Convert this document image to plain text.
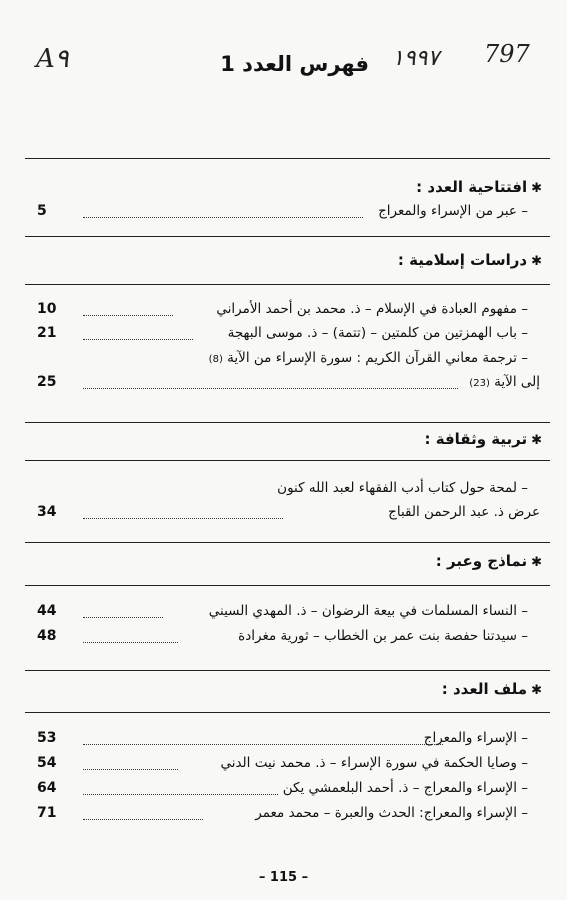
A٩	١٩٩٧ 797
فهرس العدد 1
✱افتتاحية العدد :
– عبر من الإسراء والمعراج
5
✱دراسات إسلامية :
– مفهوم العبادة في الإسلام – ذ. محمد بن أحمد الأمراني
10
– باب الهمزتين من كلمتين – (تتمة) – ذ. موسى البهجة
21
– ترجمة معاني القرآن الكريم : سورة الإسراء من الآية (8)
إلى الآية (23)
25
✱تربية وثقافة :
– لمحة حول كتاب أدب الفقهاء لعبد الله كنون
عرض ذ. عبد الرحمن القباج
34
✱نماذج وعبر :
– النساء المسلمات في بيعة الرضوان – ذ. المهدي السيني
44
– سيدتنا حفصة بنت عمر بن الخطاب – ثورية مغرادة
48
✱ملف العدد :
– الإسراء والمعراج
53
– وصايا الحكمة في سورة الإسراء – ذ. محمد نيت الدني
54
– الإسراء والمعراج – ذ. أحمد البلعمشي يكن
64
– الإسراء والمعراج: الحدث والعبرة – محمد معمر
71
– 115 –
